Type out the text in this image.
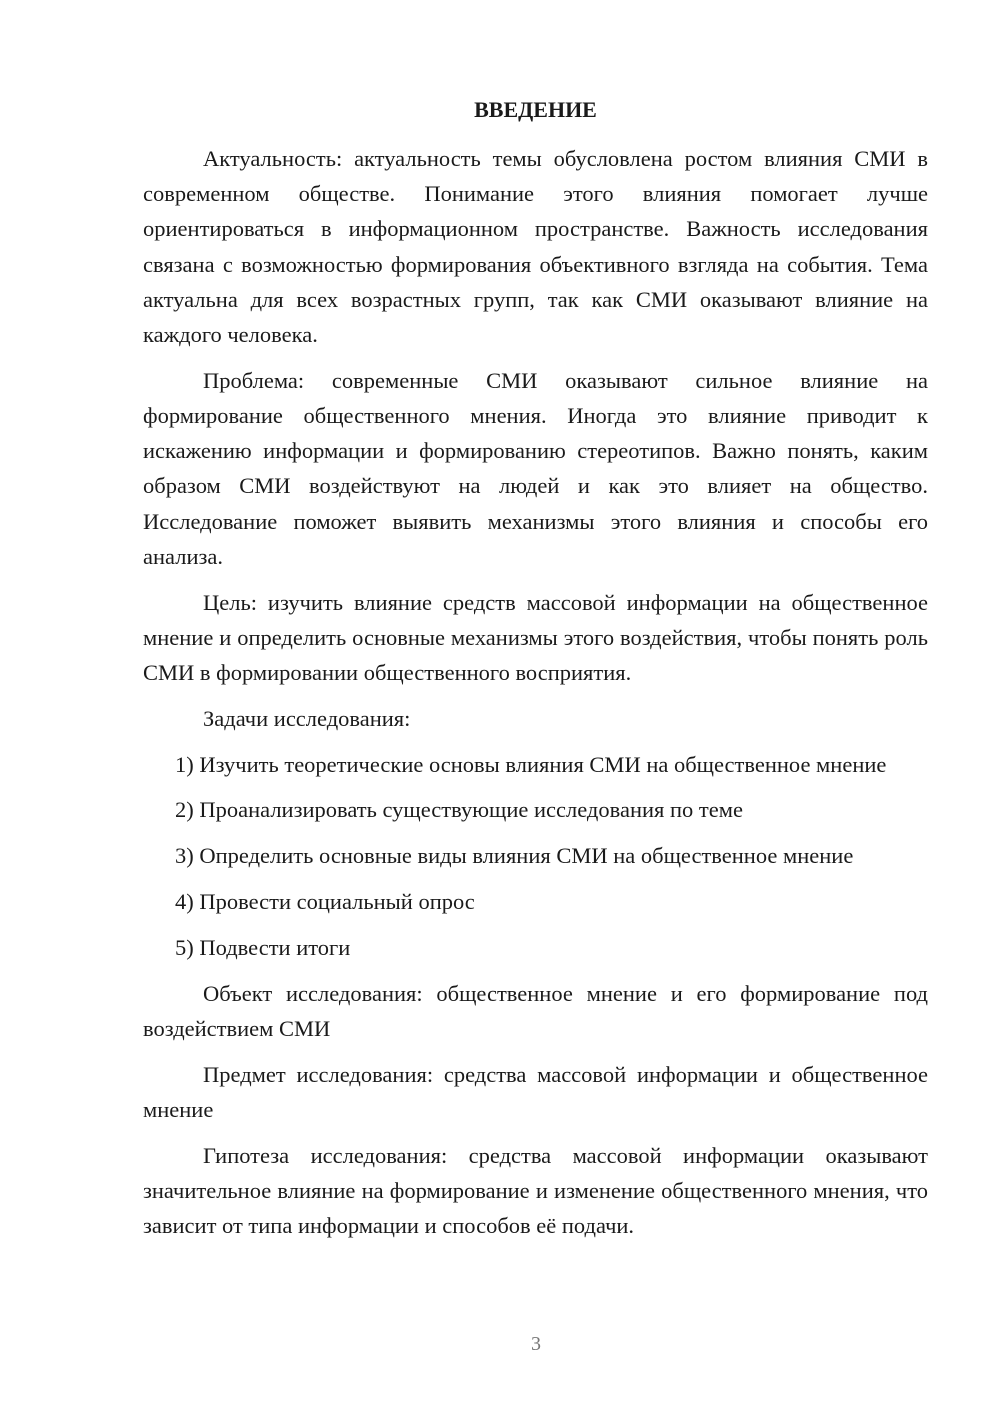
ВВЕДЕНИЕ

Актуальность: актуальность темы обусловлена ростом влияния СМИ в современном обществе. Понимание этого влияния помогает лучше ориентироваться в информационном пространстве. Важность исследования связана с возможностью формирования объективного взгляда на события. Тема актуальна для всех возрастных групп, так как СМИ оказывают влияние на каждого человека.

Проблема: современные СМИ оказывают сильное влияние на формирование общественного мнения. Иногда это влияние приводит к искажению информации и формированию стереотипов. Важно понять, каким образом СМИ воздействуют на людей и как это влияет на общество. Исследование поможет выявить механизмы этого влияния и способы его анализа.

Цель: изучить влияние средств массовой информации на общественное мнение и определить основные механизмы этого воздействия, чтобы понять роль СМИ в формировании общественного восприятия.

Задачи исследования:

1) Изучить теоретические основы влияния СМИ на общественное мнение

2) Проанализировать существующие исследования по теме

3) Определить основные виды влияния СМИ на общественное мнение

4) Провести социальный опрос

5) Подвести итоги

Объект исследования: общественное мнение и его формирование под воздействием СМИ

Предмет исследования: средства массовой информации и общественное мнение

Гипотеза исследования: средства массовой информации оказывают значительное влияние на формирование и изменение общественного мнения, что зависит от типа информации и способов её подачи.

3
